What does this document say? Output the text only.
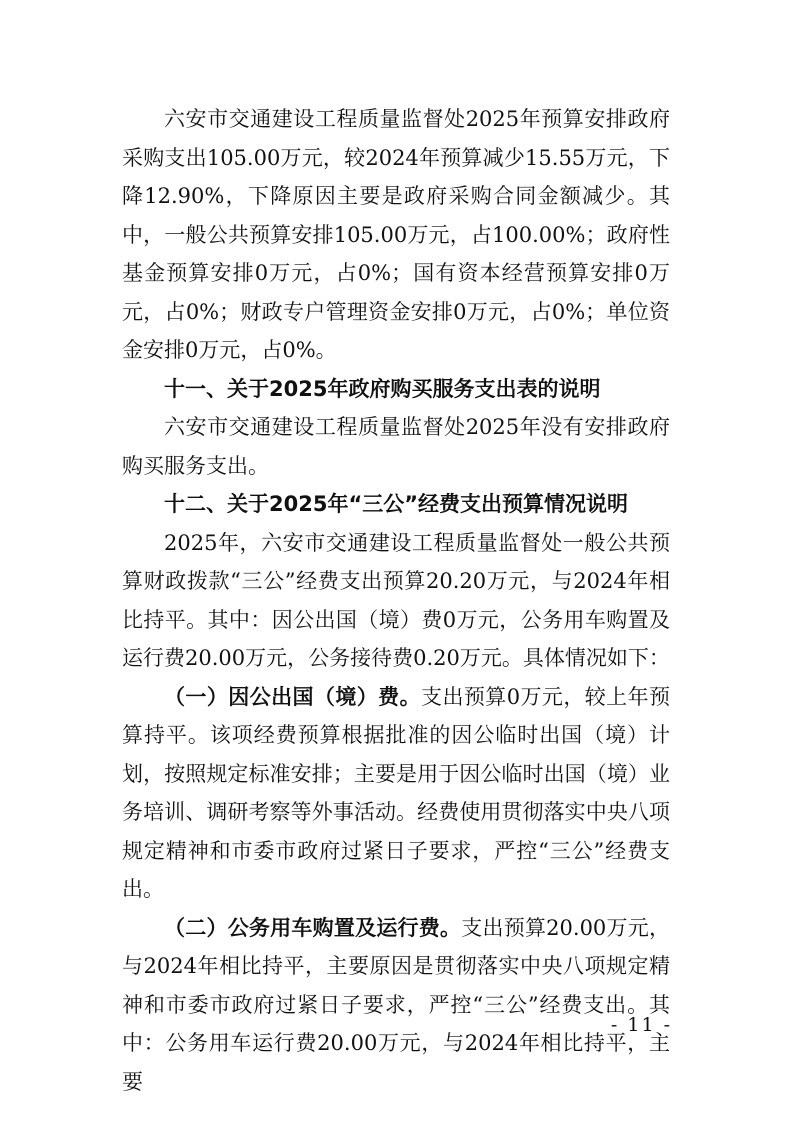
六安市交通建设工程质量监督处2025年预算安排政府采购支出105.00万元，较2024年预算减少15.55万元，下降12.90%，下降原因主要是政府采购合同金额减少。其中，一般公共预算安排105.00万元，占100.00%；政府性基金预算安排0万元，占0%；国有资本经营预算安排0万元，占0%；财政专户管理资金安排0万元，占0%；单位资金安排0万元，占0%。

十一、关于2025年政府购买服务支出表的说明

六安市交通建设工程质量监督处2025年没有安排政府购买服务支出。

十二、关于2025年“三公”经费支出预算情况说明

2025年，六安市交通建设工程质量监督处一般公共预算财政拨款“三公”经费支出预算20.20万元，与2024年相比持平。其中：因公出国（境）费0万元，公务用车购置及运行费20.00万元，公务接待费0.20万元。具体情况如下：

（一）因公出国（境）费。支出预算0万元，较上年预算持平。该项经费预算根据批准的因公临时出国（境）计划，按照规定标准安排；主要是用于因公临时出国（境）业务培训、调研考察等外事活动。经费使用贯彻落实中央八项规定精神和市委市政府过紧日子要求，严控“三公”经费支出。

（二）公务用车购置及运行费。支出预算20.00万元，与2024年相比持平，主要原因是贯彻落实中央八项规定精神和市委市政府过紧日子要求，严控“三公”经费支出。其中：公务用车运行费20.00万元，与2024年相比持平，主要

- 11 -
